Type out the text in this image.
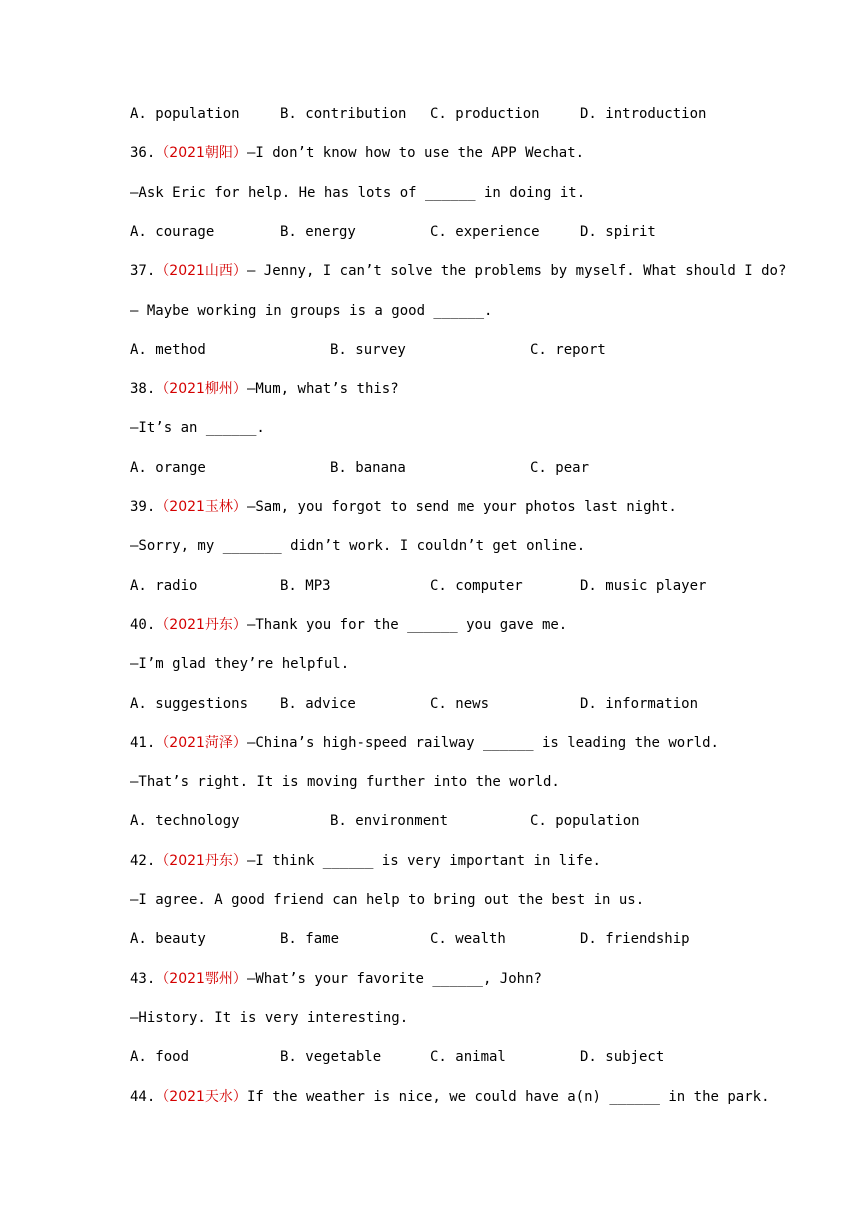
A. population	B. contribution C. production	D. introduction
36.（2021朝阳）—I don’t know how to use the APP Wechat.
—Ask Eric for help. He has lots of ______ in doing it.
A. courage	B. energy	C. experience	D. spirit
37.（2021山西）— Jenny, I can’t solve the problems by myself. What should I do?
— Maybe working in groups is a good ______.
A. method	B. survey	C. report
38.（2021柳州）—Mum, what’s this?
—It’s an ______.
A. orange	B. banana	C. pear
39.（2021玉林）—Sam, you forgot to send me your photos last night.
—Sorry, my _______ didn’t work. I couldn’t get online.
A. radio	B. MP3	C. computer	D. music player
40.（2021丹东）—Thank you for the ______ you gave me.
—I’m glad they’re helpful.
A. suggestions B. advice	C. news	D. information
41.（2021菏泽）—China’s high-speed railway ______ is leading the world.
—That’s right. It is moving further into the world.
A. technology	B. environment	C. population
42.（2021丹东）—I think ______ is very important in life.
—I agree. A good friend can help to bring out the best in us.
A. beauty	B. fame	C. wealth	D. friendship
43.（2021鄂州）—What’s your favorite ______, John?
—History. It is very interesting.
A. food	B. vegetable	C. animal	D. subject
44.（2021天水）If the weather is nice, we could have a(n) ______ in the park.
